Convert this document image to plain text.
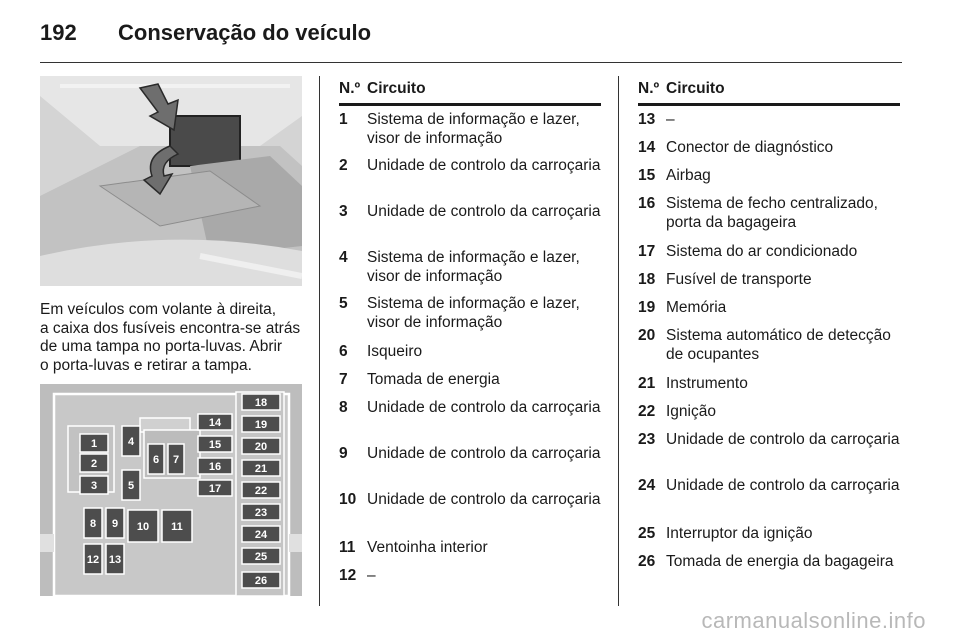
192 Conservação do veículo
Em veículos com volante à direita,
a caixa dos fusíveis encontra-se atrás
de uma tampa no porta-luvas. Abrir
o porta-luvas e retirar a tampa.
1
2
3
4
5
6 7
8 9 10 11
12 13
14
15
16
17
18
19
20
21
22
23
24
25
26
N.º Circuito
1 Sistema de informação e lazer, visor de informação
2 Unidade de controlo da carroçaria
3 Unidade de controlo da carroçaria
4 Sistema de informação e lazer, visor de informação
5 Sistema de informação e lazer, visor de informação
6 Isqueiro
7 Tomada de energia
8 Unidade de controlo da carroçaria
9 Unidade de controlo da carroçaria
10 Unidade de controlo da carroçaria
11 Ventoinha interior
12 –
N.º Circuito
13 –
14 Conector de diagnóstico
15 Airbag
16 Sistema de fecho centralizado, porta da bagageira
17 Sistema do ar condicionado
18 Fusível de transporte
19 Memória
20 Sistema automático de detecção de ocupantes
21 Instrumento
22 Ignição
23 Unidade de controlo da carroçaria
24 Unidade de controlo da carroçaria
25 Interruptor da ignição
26 Tomada de energia da bagageira
carmanualsonline.info
